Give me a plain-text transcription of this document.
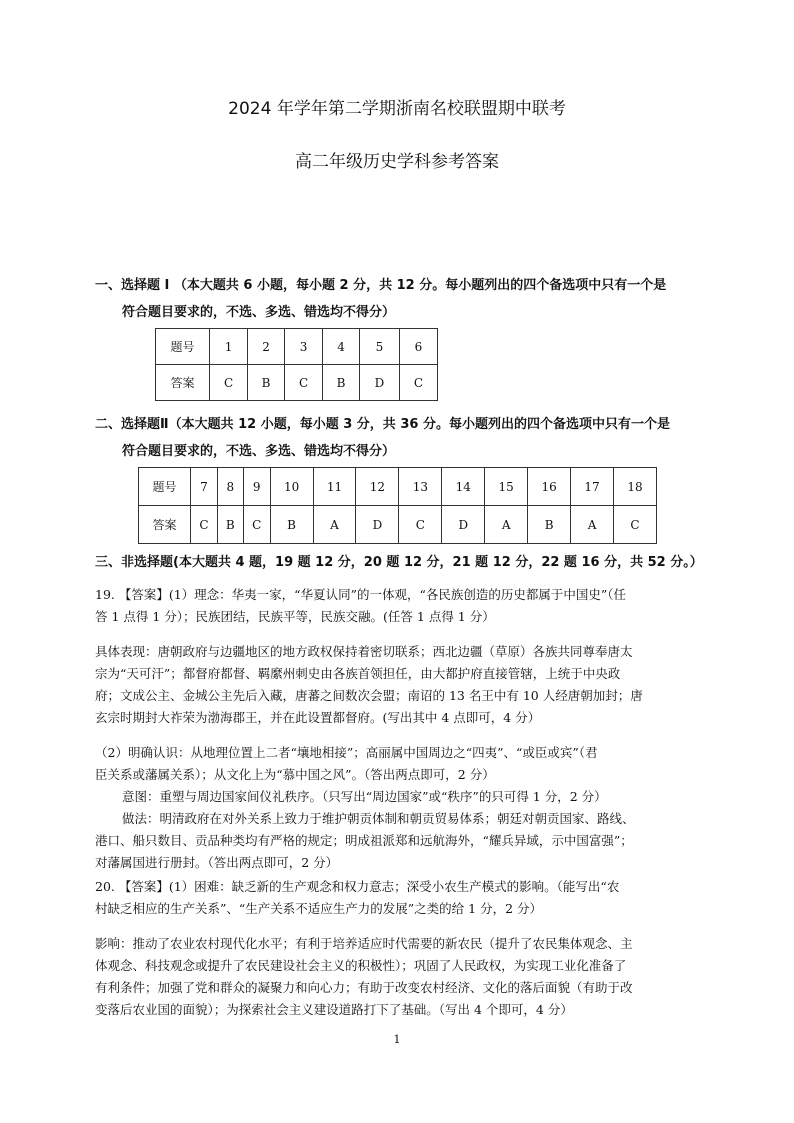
2024 年学年第二学期浙南名校联盟期中联考
高二年级历史学科参考答案
一、选择题 Ⅰ （本大题共 6 小题，每小题 2 分，共 12 分。每小题列出的四个备选项中只有一个是
符合题目要求的，不选、多选、错选均不得分）
题号	1	2	3	4	5	6
答案	C	B	C	B	D	C
二、选择题Ⅱ（本大题共 12 小题，每小题 3 分，共 36 分。每小题列出的四个备选项中只有一个是
符合题目要求的，不选、多选、错选均不得分）
题号	7	8	9	10	11	12	13	14	15	16	17	18
答案	C	B	C	B	A	D	C	D	A	B	A	C
三、非选择题(本大题共 4 题，19 题 12 分，20 题 12 分，21 题 12 分，22 题 16 分，共 52 分。）
19. 【答案】(1）理念：华夷一家，“华夏认同”的一体观，“各民族创造的历史都属于中国史”（任
答 1 点得 1 分）；民族团结，民族平等，民族交融。(任答 1 点得 1 分）
具体表现：唐朝政府与边疆地区的地方政权保持着密切联系；西北边疆（草原）各族共同尊奉唐太
宗为“天可汗”；都督府都督、羁縻州刺史由各族首领担任，由大都护府直接管辖，上统于中央政
府；文成公主、金城公主先后入藏，唐蕃之间数次会盟；南诏的 13 名王中有 10 人经唐朝加封；唐
玄宗时期封大祚荣为渤海郡王，并在此设置都督府。(写出其中 4 点即可，4 分）
（2）明确认识：从地理位置上二者“壤地相接”；高丽属中国周边之“四夷”、“或臣或宾”（君
臣关系或藩属关系）；从文化上为“慕中国之风”。（答出两点即可，2 分）
意图：重塑与周边国家间仪礼秩序。（只写出“周边国家”或“秩序”的只可得 1 分，2 分）
做法：明清政府在对外关系上致力于维护朝贡体制和朝贡贸易体系；朝廷对朝贡国家、路线、
港口、船只数目、贡品种类均有严格的规定；明成祖派郑和远航海外，“耀兵异域，示中国富强”；
对藩属国进行册封。（答出两点即可，2 分）
20. 【答案】(1）困难：缺乏新的生产观念和权力意志；深受小农生产模式的影响。（能写出“农
村缺乏相应的生产关系”、“生产关系不适应生产力的发展”之类的给 1 分，2 分）
影响：推动了农业农村现代化水平；有利于培养适应时代需要的新农民（提升了农民集体观念、主
体观念、科技观念或提升了农民建设社会主义的积极性）；巩固了人民政权，为实现工业化准备了
有利条件；加强了党和群众的凝聚力和向心力；有助于改变农村经济、文化的落后面貌（有助于改
变落后农业国的面貌）；为探索社会主义建设道路打下了基础。（写出 4 个即可，4 分）
1
